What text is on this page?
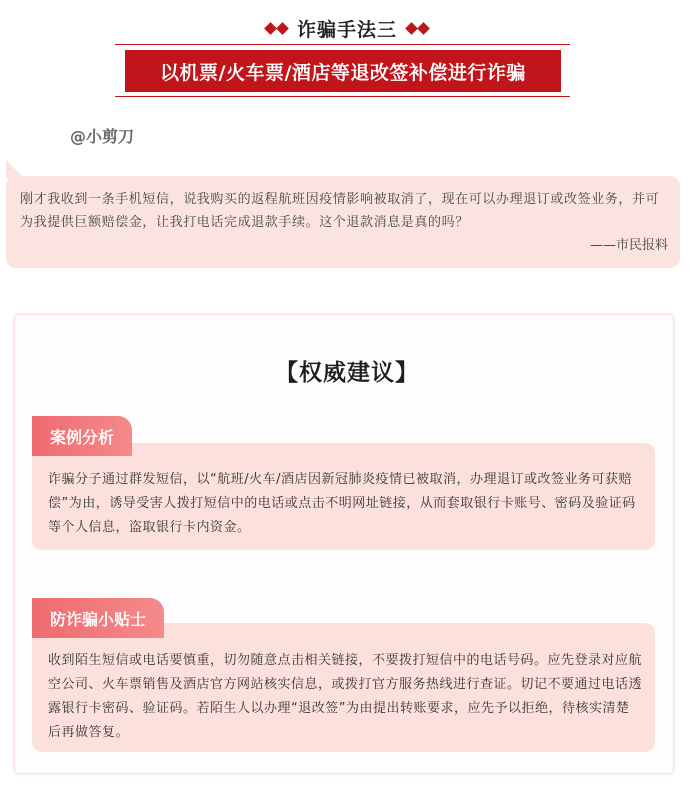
诈骗手法三
以机票/火车票/酒店等退改签补偿进行诈骗
@小剪刀
刚才我收到一条手机短信，说我购买的返程航班因疫情影响被取消了，现在可以办理退订或改签业务，并可为我提供巨额赔偿金，让我打电话完成退款手续。这个退款消息是真的吗？
——市民报料
【权威建议】
案例分析
诈骗分子通过群发短信，以“航班/火车/酒店因新冠肺炎疫情已被取消，办理退订或改签业务可获赔偿”为由，诱导受害人拨打短信中的电话或点击不明网址链接，从而套取银行卡账号、密码及验证码等个人信息，盗取银行卡内资金。
防诈骗小贴士
收到陌生短信或电话要慎重，切勿随意点击相关链接，不要拨打短信中的电话号码。应先登录对应航空公司、火车票销售及酒店官方网站核实信息，或拨打官方服务热线进行查证。切记不要通过电话透露银行卡密码、验证码。若陌生人以办理“退改签”为由提出转账要求，应先予以拒绝，待核实清楚后再做答复。
